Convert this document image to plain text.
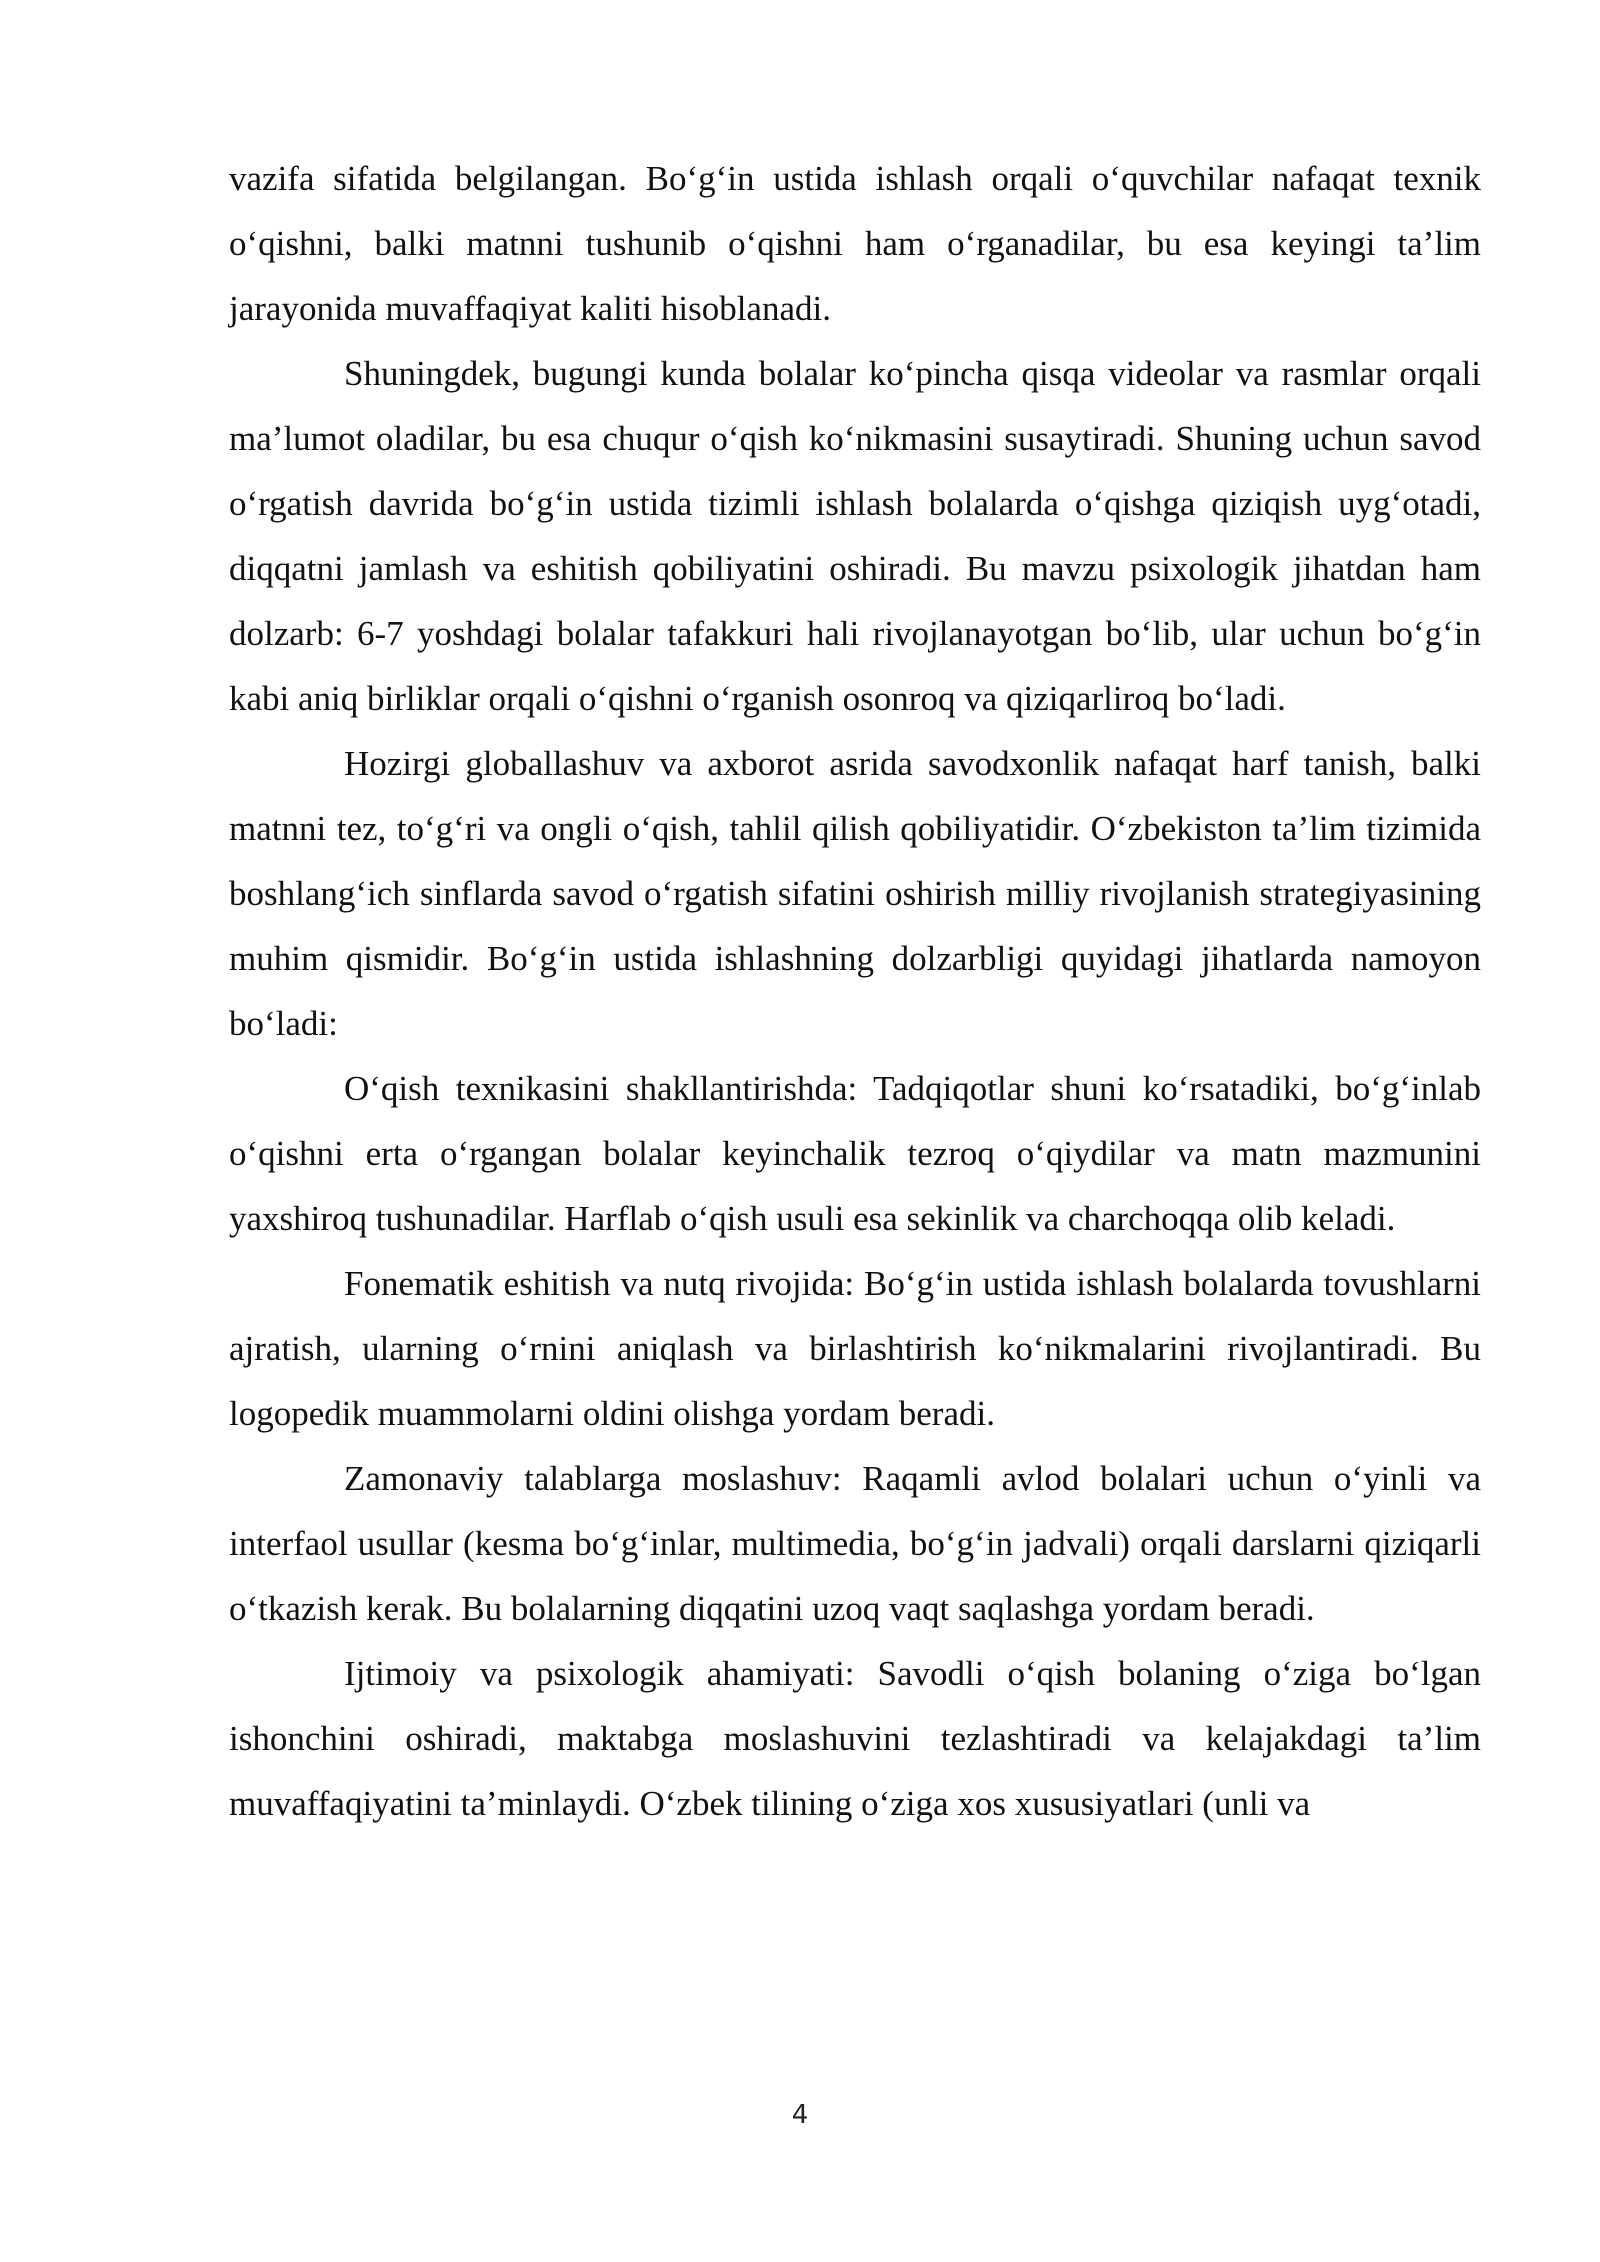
vazifa sifatida belgilangan. Bo‘g‘in ustida ishlash orqali o‘quvchilar nafaqat texnik o‘qishni, balki matnni tushunib o‘qishni ham o‘rganadilar, bu esa keyingi ta’lim jarayonida muvaffaqiyat kaliti hisoblanadi.

Shuningdek, bugungi kunda bolalar ko‘pincha qisqa videolar va rasmlar orqali ma’lumot oladilar, bu esa chuqur o‘qish ko‘nikmasini susaytiradi. Shuning uchun savod o‘rgatish davrida bo‘g‘in ustida tizimli ishlash bolalarda o‘qishga qiziqish uyg‘otadi, diqqatni jamlash va eshitish qobiliyatini oshiradi. Bu mavzu psixologik jihatdan ham dolzarb: 6-7 yoshdagi bolalar tafakkuri hali rivojlanayotgan bo‘lib, ular uchun bo‘g‘in kabi aniq birliklar orqali o‘qishni o‘rganish osonroq va qiziqarliroq bo‘ladi.

Hozirgi globallashuv va axborot asrida savodxonlik nafaqat harf tanish, balki matnni tez, to‘g‘ri va ongli o‘qish, tahlil qilish qobiliyatidir. O‘zbekiston ta’lim tizimida boshlang‘ich sinflarda savod o‘rgatish sifatini oshirish milliy rivojlanish strategiyasining muhim qismidir. Bo‘g‘in ustida ishlashning dolzarbligi quyidagi jihatlarda namoyon bo‘ladi:

O‘qish texnikasini shakllantirishda: Tadqiqotlar shuni ko‘rsatadiki, bo‘g‘inlab o‘qishni erta o‘rgangan bolalar keyinchalik tezroq o‘qiydilar va matn mazmunini yaxshiroq tushunadilar. Harflab o‘qish usuli esa sekinlik va charchoqqa olib keladi.

Fonematik eshitish va nutq rivojida: Bo‘g‘in ustida ishlash bolalarda tovushlarni ajratish, ularning o‘rnini aniqlash va birlashtirish ko‘nikmalarini rivojlantiradi. Bu logopedik muammolarni oldini olishga yordam beradi.

Zamonaviy talablarga moslashuv: Raqamli avlod bolalari uchun o‘yinli va interfaol usullar (kesma bo‘g‘inlar, multimedia, bo‘g‘in jadvali) orqali darslarni qiziqarli o‘tkazish kerak. Bu bolalarning diqqatini uzoq vaqt saqlashga yordam beradi.

Ijtimoiy va psixologik ahamiyati: Savodli o‘qish bolaning o‘ziga bo‘lgan ishonchini oshiradi, maktabga moslashuvini tezlashtiradi va kelajakdagi ta’lim muvaffaqiyatini ta’minlaydi. O‘zbek tilining o‘ziga xos xususiyatlari (unli va

4
